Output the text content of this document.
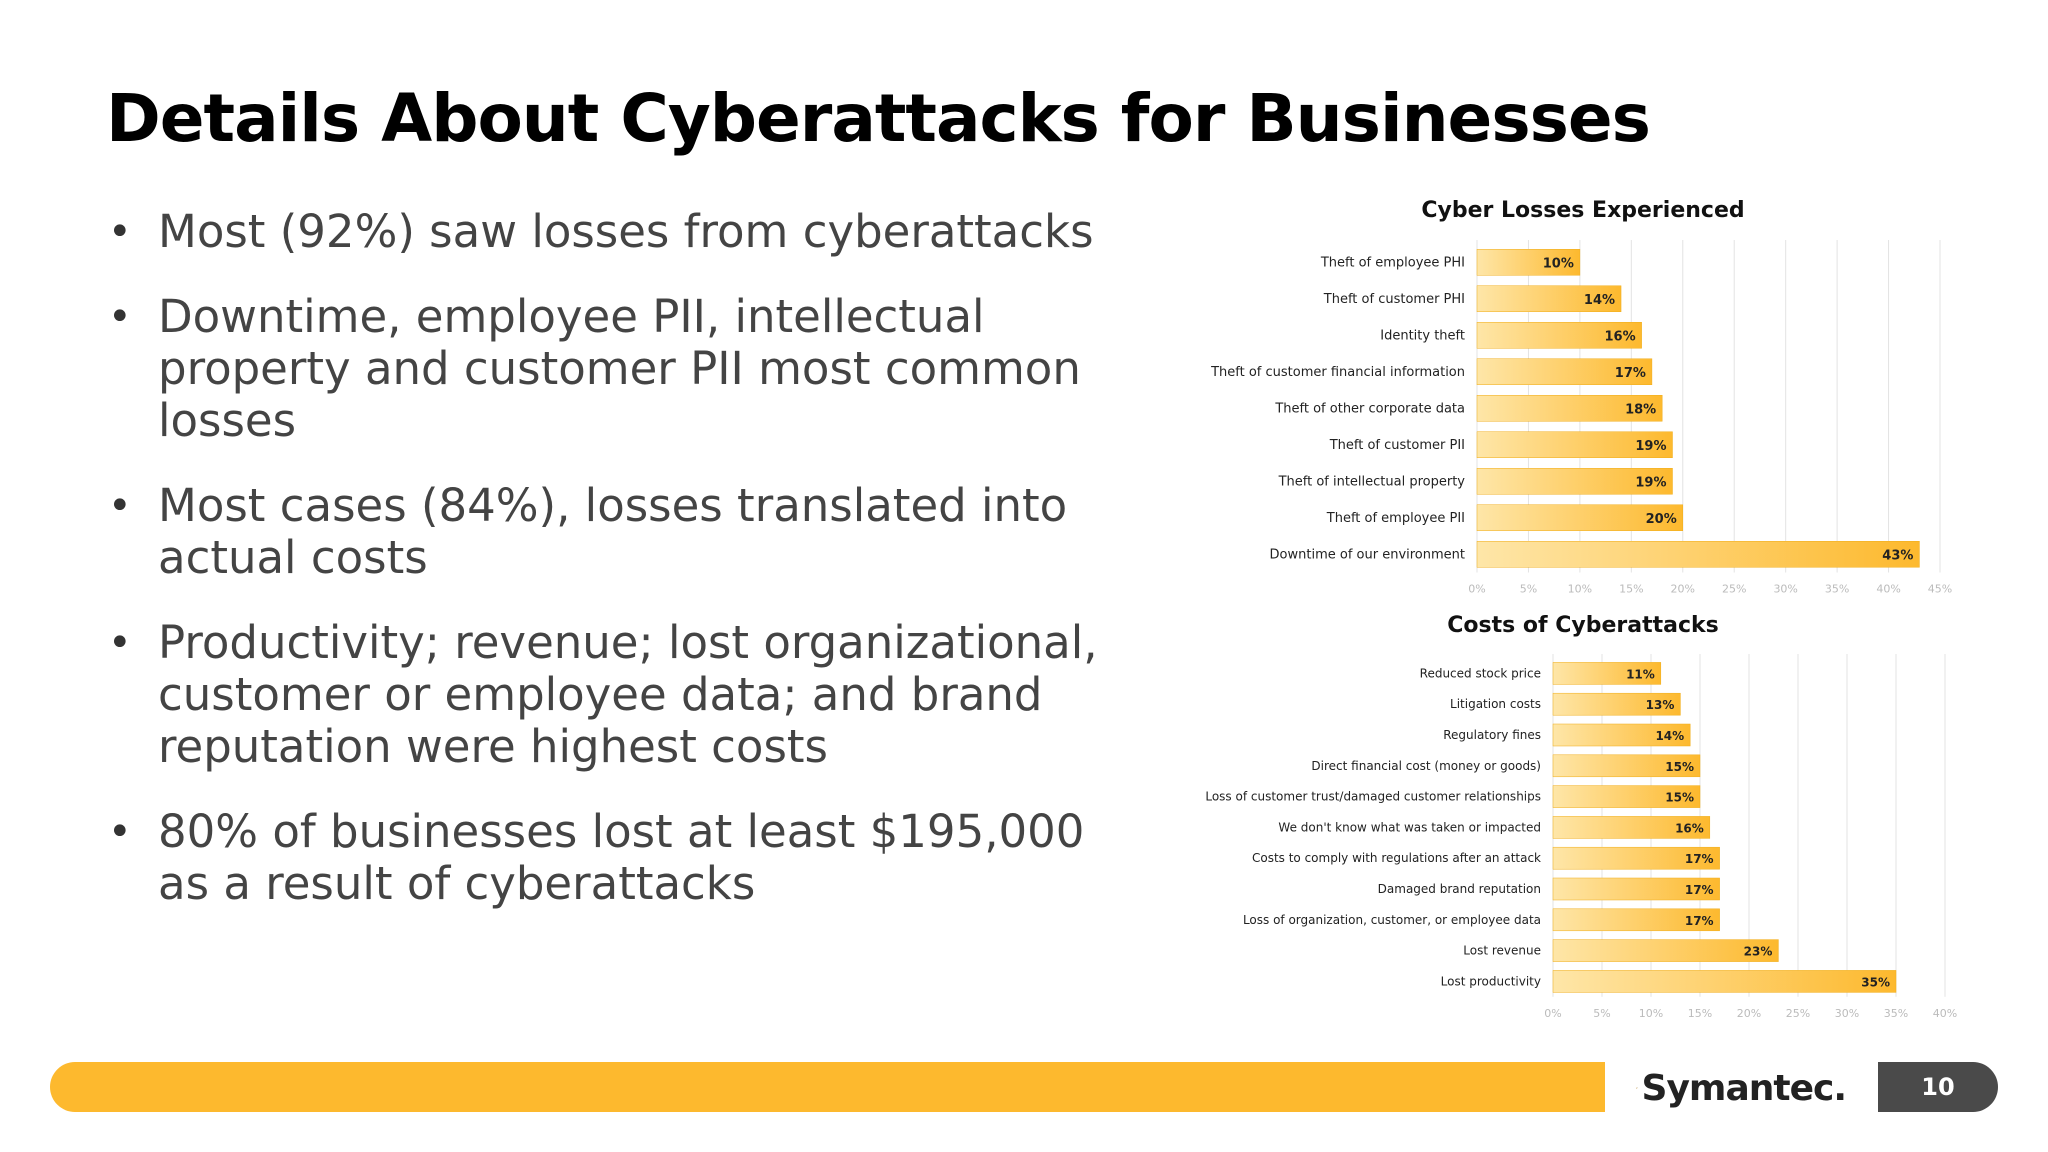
Details About Cyberattacks for Businesses
• Most (92%) saw losses from cyberattacks
• Downtime, employee PII, intellectual property and customer PII most common losses
• Most cases (84%), losses translated into actual costs
• Productivity; revenue; lost organizational, customer or employee data; and brand reputation were highest costs
• 80% of businesses lost at least $195,000 as a result of cyberattacks
Cyber Losses Experienced
0%	5%	10% 15% 20% 25% 30% 35% 40% 45%
Theft of employee PHI	10%
Theft of customer PHI	14%
Identity theft	16%
Theft of customer financial information	17%
Theft of other corporate data	18%
Theft of customer PII	19%
Theft of intellectual property	19%
Theft of employee PII	20%
Downtime of our environment	43%
Costs of Cyberattacks
0%	5%	10% 15% 20% 25% 30% 35% 40%
Reduced stock price	11%
Litigation costs	13%
Regulatory fines	14%
Direct financial cost (money or goods)	15%
Loss of customer trust/damaged customer relationships	15%
We don't know what was taken or impacted	16%
Costs to comply with regulations after an attack	17%
Damaged brand reputation	17%
Loss of organization, customer, or employee data	17%
Lost revenue	23%
Lost productivity	35%
Symantec.	10
